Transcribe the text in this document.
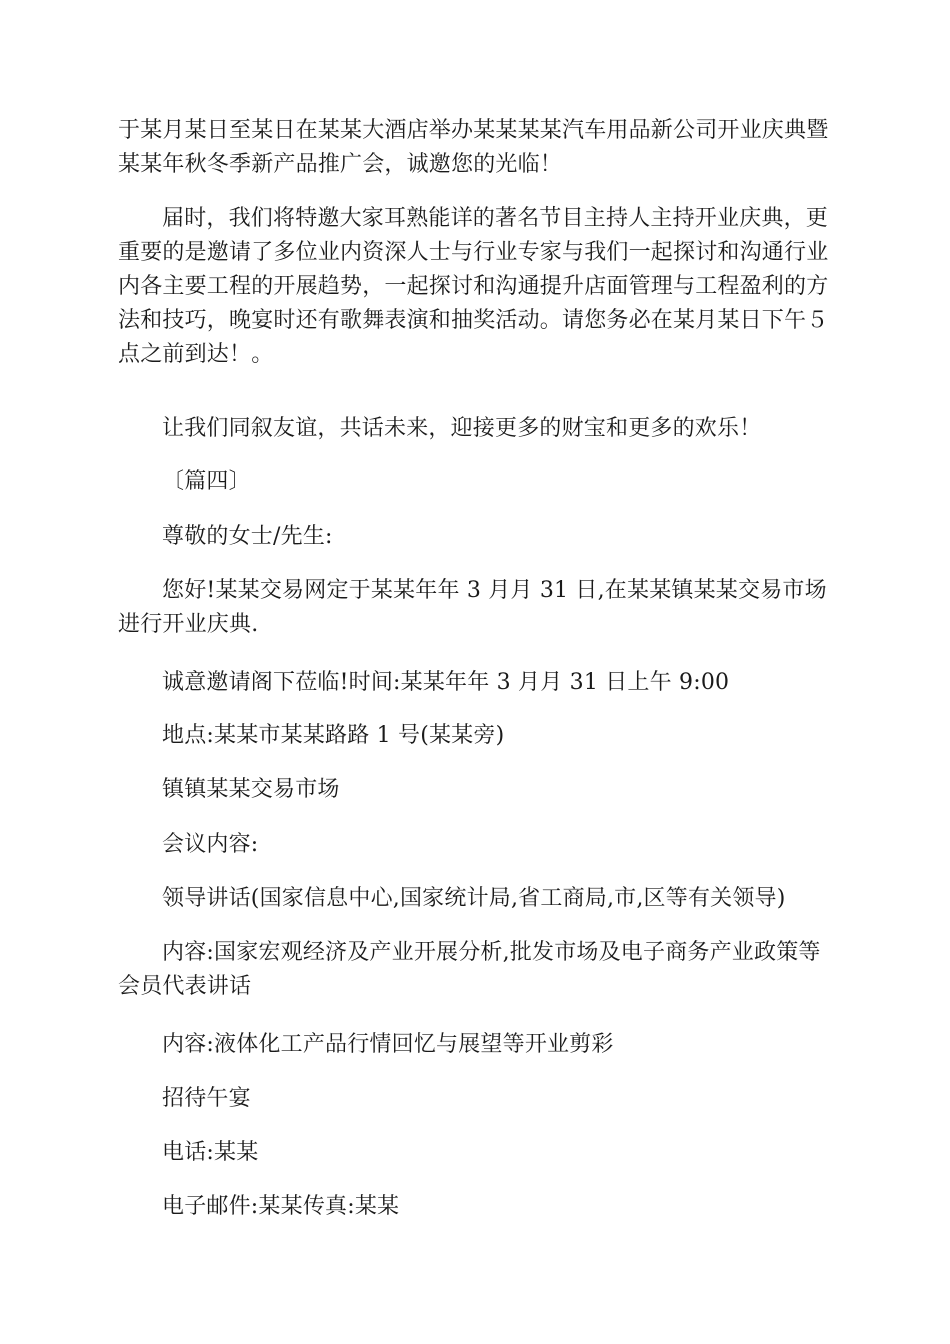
于某月某日至某日在某某大酒店举办某某某某汽车用品新公司开业庆典暨
某某年秋冬季新产品推广会，诚邀您的光临！

届时，我们将特邀大家耳熟能详的著名节目主持人主持开业庆典，更
重要的是邀请了多位业内资深人士与行业专家与我们一起探讨和沟通行业
内各主要工程的开展趋势，一起探讨和沟通提升店面管理与工程盈利的方
法和技巧，晚宴时还有歌舞表演和抽奖活动。请您务必在某月某日下午５
点之前到达！。

让我们同叙友谊，共话未来，迎接更多的财宝和更多的欢乐！

〔篇四〕

尊敬的女士/先生:

您好!某某交易网定于某某年年 3 月月 31 日,在某某镇某某交易市场
进行开业庆典.

诚意邀请阁下莅临!时间:某某年年 3 月月 31 日上午 9:00

地点:某某市某某路路 1 号(某某旁)

镇镇某某交易市场

会议内容:

领导讲话(国家信息中心,国家统计局,省工商局,市,区等有关领导)

内容:国家宏观经济及产业开展分析,批发市场及电子商务产业政策等
会员代表讲话

内容:液体化工产品行情回忆与展望等开业剪彩

招待午宴

电话:某某

电子邮件:某某传真:某某
